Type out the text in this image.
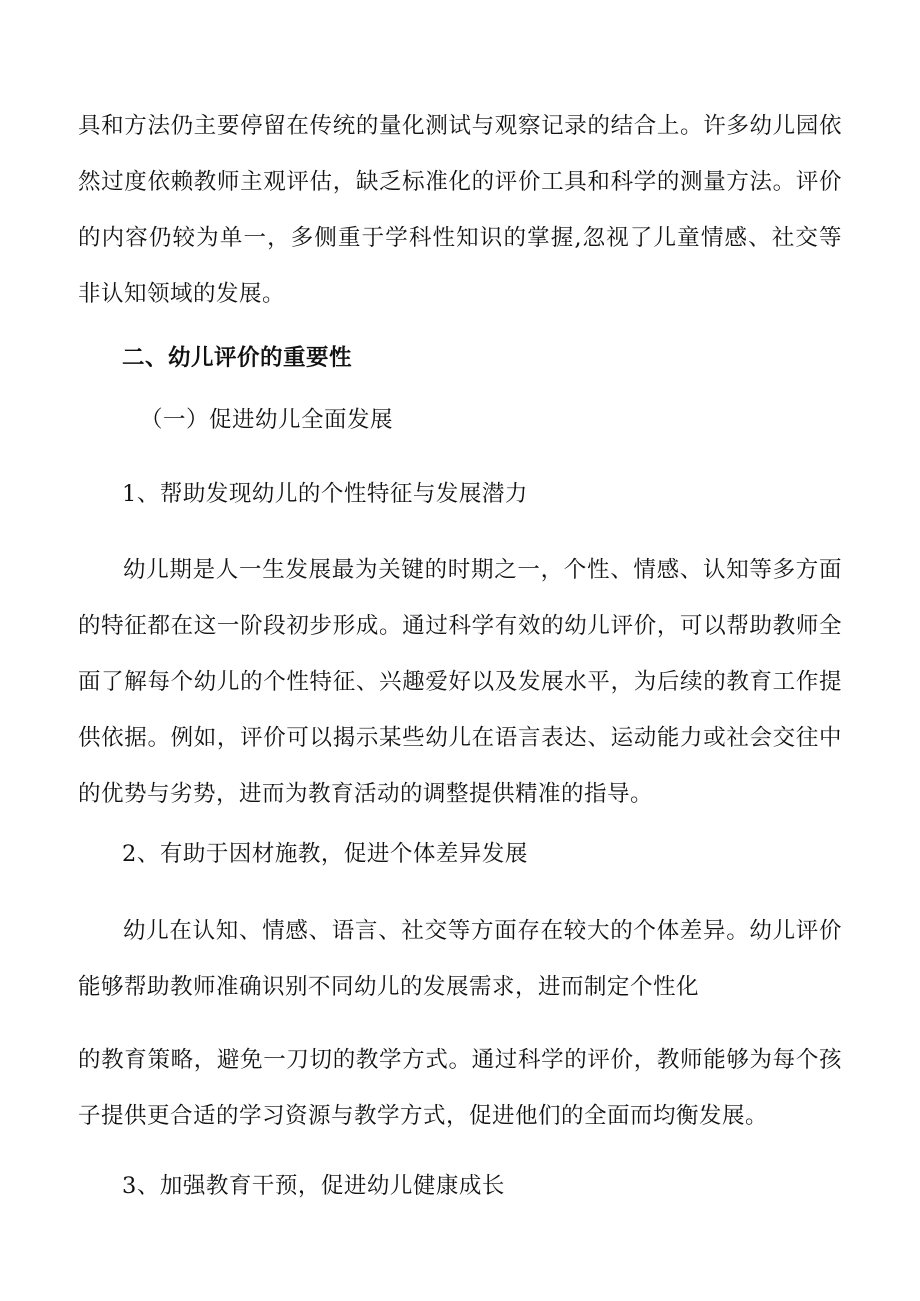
具和方法仍主要停留在传统的量化测试与观察记录的结合上。许多幼儿园依然过度依赖教师主观评估，缺乏标准化的评价工具和科学的测量方法。评价的内容仍较为单一，多侧重于学科性知识的掌握,忽视了儿童情感、社交等非认知领域的发展。

二、幼儿评价的重要性

（一）促进幼儿全面发展

1、帮助发现幼儿的个性特征与发展潜力

幼儿期是人一生发展最为关键的时期之一，个性、情感、认知等多方面的特征都在这一阶段初步形成。通过科学有效的幼儿评价，可以帮助教师全面了解每个幼儿的个性特征、兴趣爱好以及发展水平，为后续的教育工作提供依据。例如，评价可以揭示某些幼儿在语言表达、运动能力或社会交往中的优势与劣势，进而为教育活动的调整提供精准的指导。

2、有助于因材施教，促进个体差异发展

幼儿在认知、情感、语言、社交等方面存在较大的个体差异。幼儿评价能够帮助教师准确识别不同幼儿的发展需求，进而制定个性化

的教育策略，避免一刀切的教学方式。通过科学的评价，教师能够为每个孩子提供更合适的学习资源与教学方式，促进他们的全面而均衡发展。

3、加强教育干预，促进幼儿健康成长
